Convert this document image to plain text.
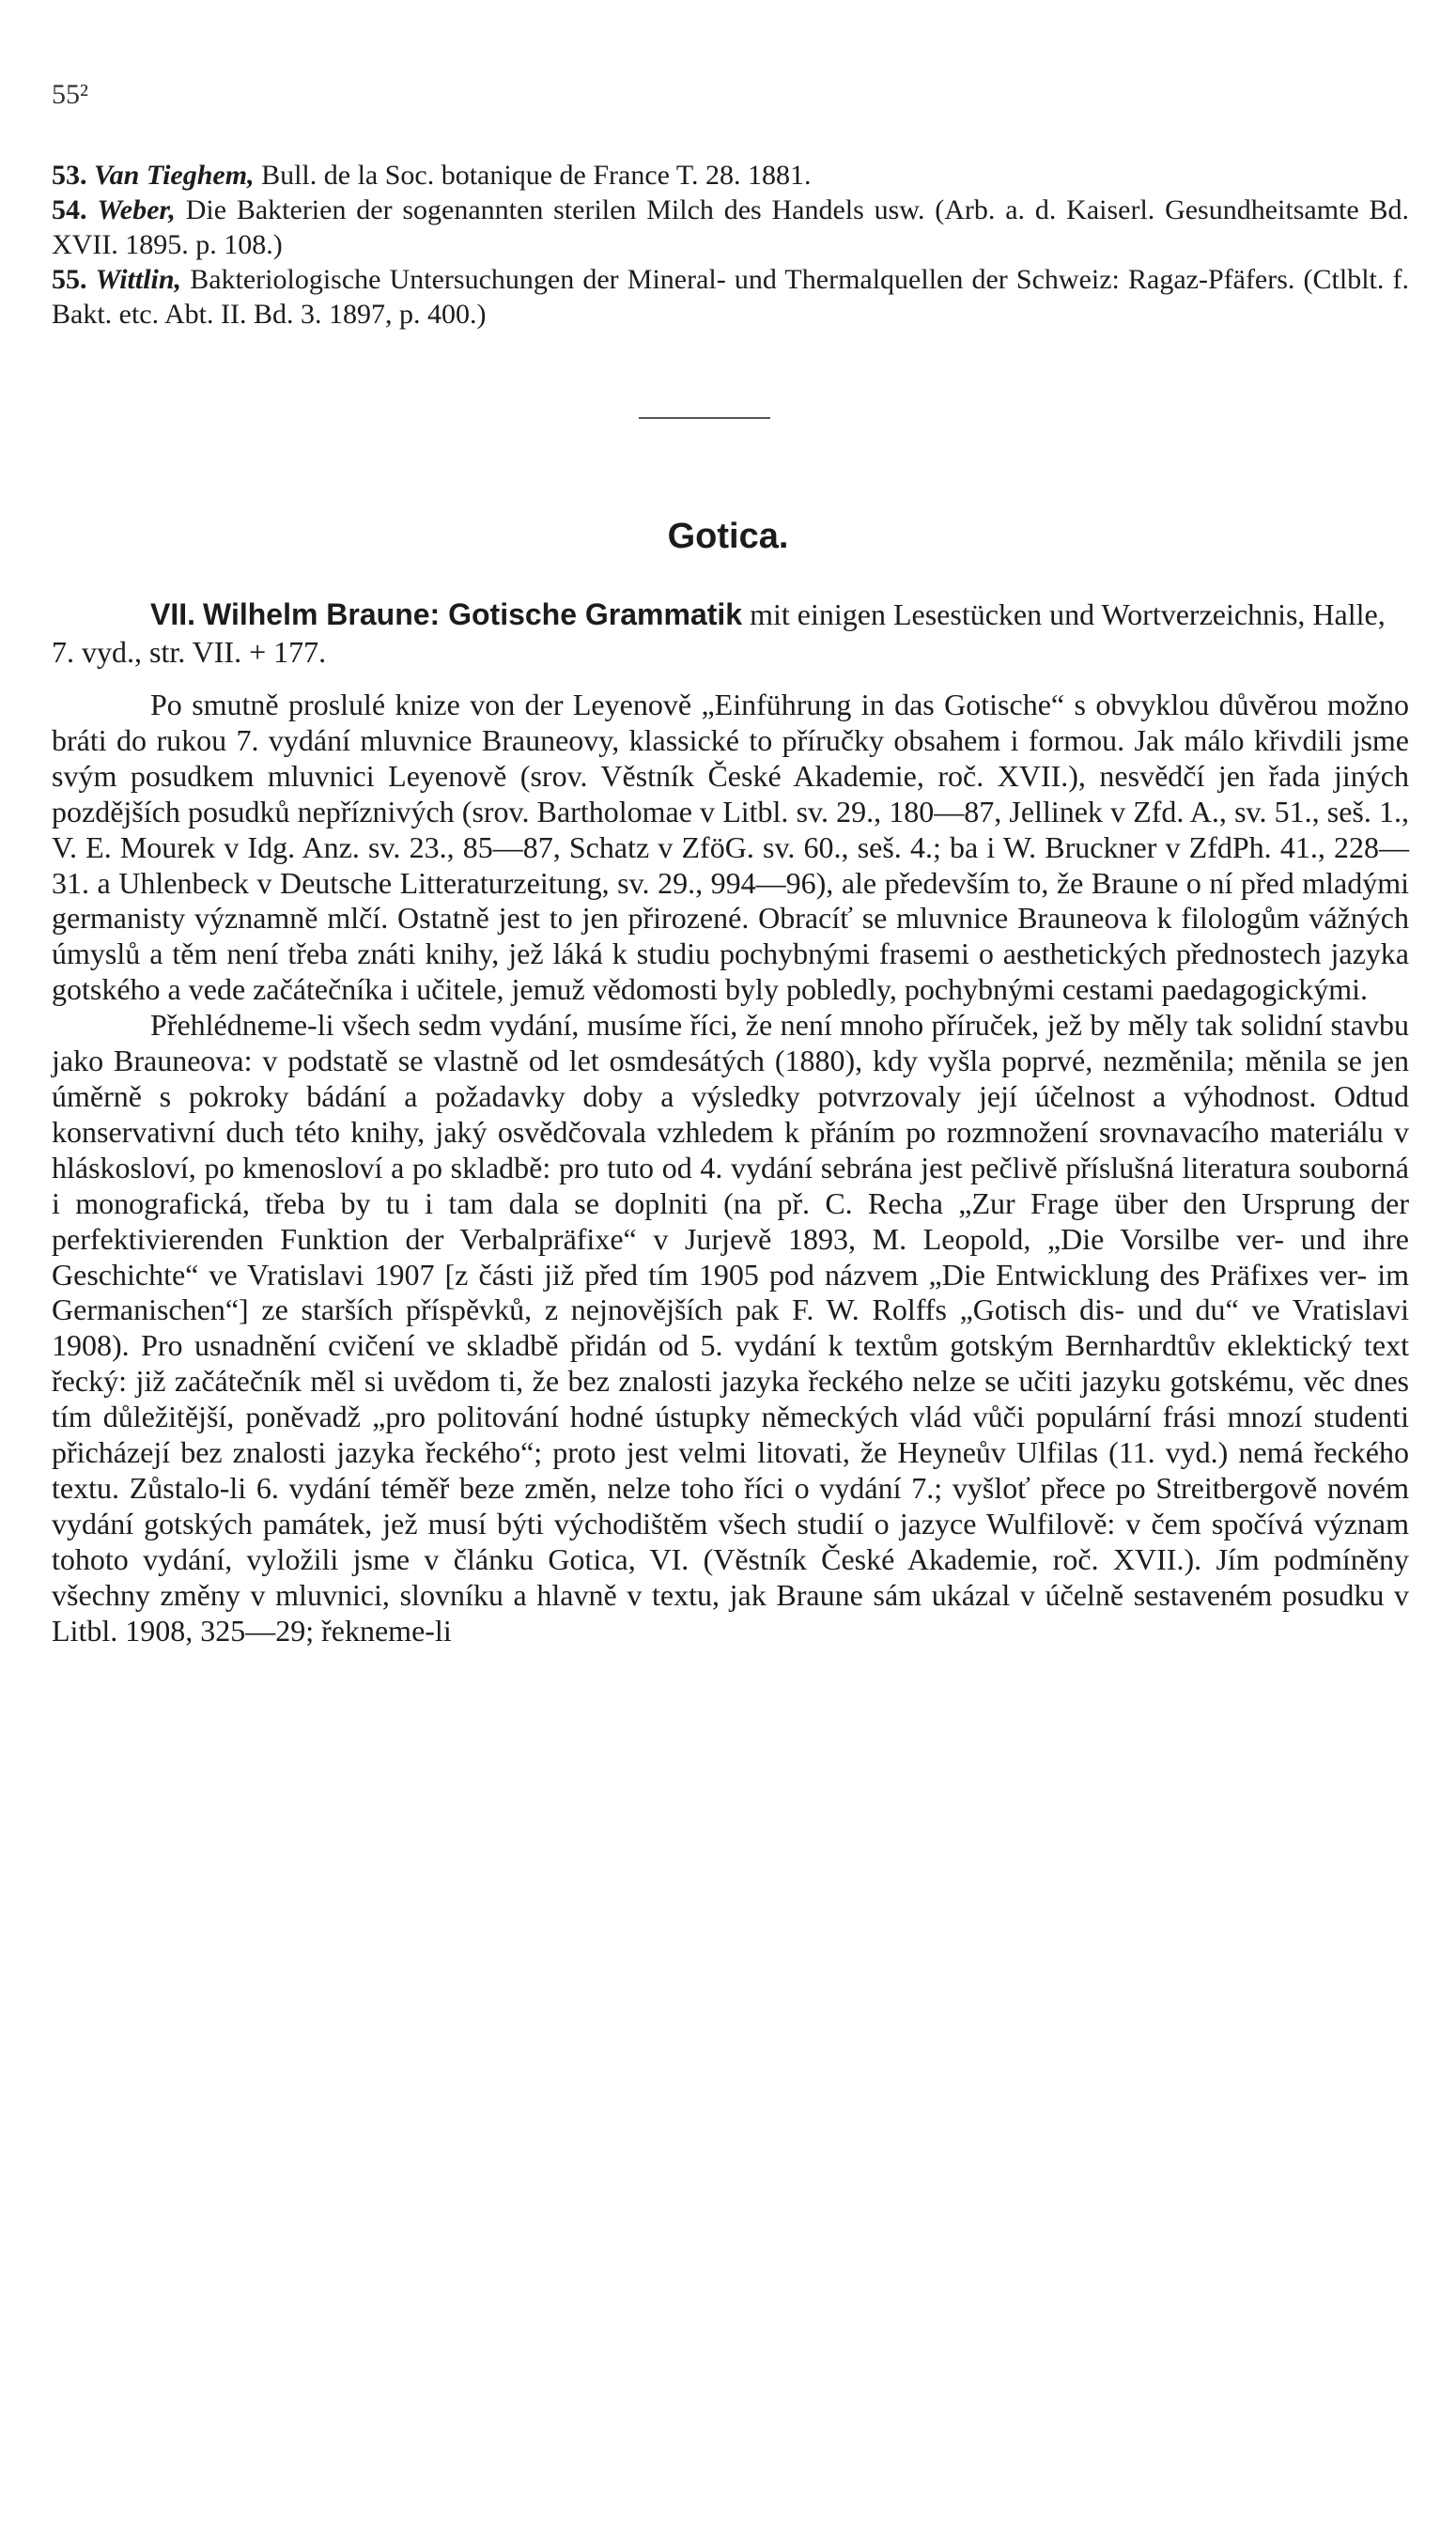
55²

53. Van Tieghem, Bull. de la Soc. botanique de France T. 28. 1881.

54. Weber, Die Bakterien der sogenannten sterilen Milch des Handels usw. (Arb. a. d. Kaiserl. Gesundheitsamte Bd. XVII. 1895. p. 108.)

55. Wittlin, Bakteriologische Untersuchungen der Mineral- und Thermalquellen der Schweiz: Ragaz-Pfäfers. (Ctlblt. f. Bakt. etc. Abt. II. Bd. 3. 1897, p. 400.)

Gotica.

VII. Wilhelm Braune: Gotische Grammatik mit einigen Lesestücken und Wortverzeichnis, Halle, 7. vyd., str. VII. + 177.

Po smutně proslulé knize von der Leyenově „Einführung in das Gotische“ s obvyklou důvěrou možno bráti do rukou 7. vydání mluvnice Brauneovy, klassické to příručky obsahem i formou. Jak málo křivdili jsme svým posudkem mluvnici Leyenově (srov. Věstník České Akademie, roč. XVII.), nesvědčí jen řada jiných pozdějších posudků nepříznivých (srov. Bartholomae v Litbl. sv. 29., 180—87, Jellinek v Zfd. A., sv. 51., seš. 1., V. E. Mourek v Idg. Anz. sv. 23., 85—87, Schatz v ZföG. sv. 60., seš. 4.; ba i W. Bruckner v ZfdPh. 41., 228—31. a Uhlenbeck v Deutsche Litteraturzeitung, sv. 29., 994—96), ale především to, že Braune o ní před mladými germanisty významně mlčí. Ostatně jest to jen přirozené. Obracíť se mluvnice Brauneova k filologům vážných úmyslů a těm není třeba znáti knihy, jež láká k studiu pochybnými frasemi o aesthetických přednostech jazyka gotského a vede začátečníka i učitele, jemuž vědomosti byly pobledly, pochybnými cestami paedagogickými.

Přehlédneme-li všech sedm vydání, musíme říci, že není mnoho příruček, jež by měly tak solidní stavbu jako Brauneova: v podstatě se vlastně od let osmdesátých (1880), kdy vyšla poprvé, nezměnila; měnila se jen úměrně s pokroky bádání a požadavky doby a výsledky potvrzovaly její účelnost a výhodnost. Odtud konservativní duch této knihy, jaký osvědčovala vzhledem k přáním po rozmnožení srovnavacího materiálu v hláskosloví, po kmenosloví a po skladbě: pro tuto od 4. vydání sebrána jest pečlivě příslušná literatura souborná i monografická, třeba by tu i tam dala se doplniti (na př. C. Recha „Zur Frage über den Ursprung der perfektivierenden Funktion der Verbalpräfixe“ v Jurjevě 1893, M. Leopold, „Die Vorsilbe ver- und ihre Geschichte“ ve Vratislavi 1907 [z části již před tím 1905 pod názvem „Die Entwicklung des Präfixes ver- im Germanischen“] ze starších příspěvků, z nejnovějších pak F. W. Rolffs „Gotisch dis- und du“ ve Vratislavi 1908). Pro usnadnění cvičení ve skladbě přidán od 5. vydání k textům gotským Bernhardtův eklektický text řecký: již začátečník měl si uvědom ti, že bez znalosti jazyka řeckého nelze se učiti jazyku gotskému, věc dnes tím důležitější, poněvadž „pro politování hodné ústupky německých vlád vůči populární frási mnozí studenti přicházejí bez znalosti jazyka řeckého“; proto jest velmi litovati, že Heyneův Ulfilas (11. vyd.) nemá řeckého textu. Zůstalo-li 6. vydání téměř beze změn, nelze toho říci o vydání 7.; vyšloť přece po Streitbergově novém vydání gotských památek, jež musí býti východištěm všech studií o jazyce Wulfilově: v čem spočívá význam tohoto vydání, vyložili jsme v článku Gotica, VI. (Věstník České Akademie, roč. XVII.). Jím podmíněny všechny změny v mluvnici, slovníku a hlavně v textu, jak Braune sám ukázal v účelně sestaveném posudku v Litbl. 1908, 325—29; řekneme-li
